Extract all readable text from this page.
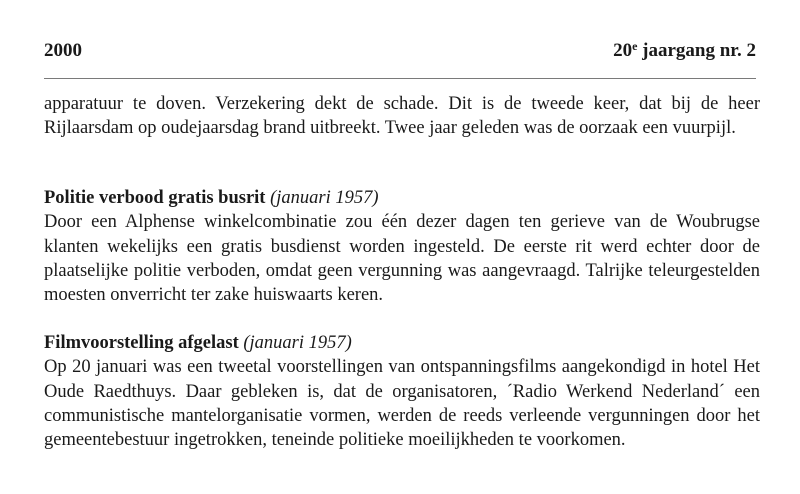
2000	20e jaargang nr. 2

apparatuur te doven. Verzekering dekt de schade. Dit is de tweede keer, dat bij de heer Rijlaarsdam op oudejaarsdag brand uitbreekt. Twee jaar geleden was de oorzaak een vuurpijl.

Politie verbood gratis busrit (januari 1957)
Door een Alphense winkelcombinatie zou één dezer dagen ten gerieve van de Woubrugse klanten wekelijks een gratis busdienst worden ingesteld. De eerste rit werd echter door de plaatselijke politie verboden, omdat geen vergunning was aangevraagd. Talrijke teleurgestelden moesten onverricht ter zake huiswaarts keren.
Filmvoorstelling afgelast (januari 1957)
Op 20 januari was een tweetal voorstellingen van ontspanningsfilms aangekondigd in hotel Het Oude Raedthuys. Daar gebleken is, dat de organisatoren, ´Radio Werkend Nederland´ een communistische mantelorganisatie vormen, werden de reeds verleende vergunningen door het gemeentebestuur ingetrokken, teneinde politieke moeilijkheden te voorkomen.
